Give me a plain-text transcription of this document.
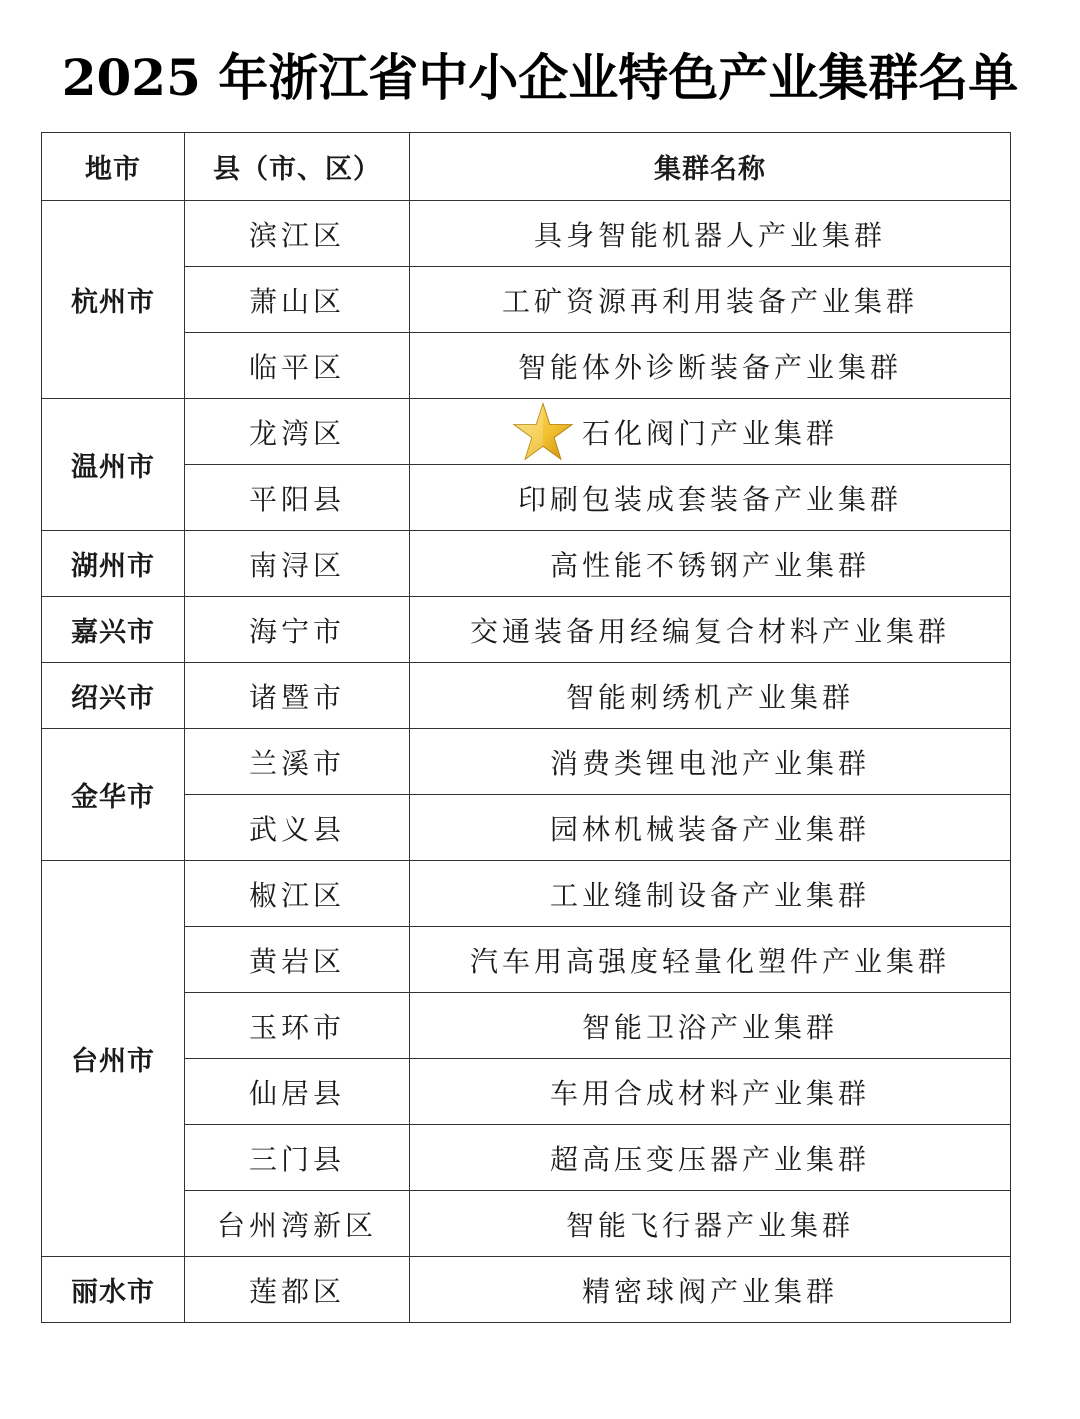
2025 年浙江省中小企业特色产业集群名单
地市	县（市、区）	集群名称
杭州市	滨江区	具身智能机器人产业集群
	萧山区	工矿资源再利用装备产业集群
	临平区	智能体外诊断装备产业集群
温州市	龙湾区	石化阀门产业集群
	平阳县	印刷包装成套装备产业集群
湖州市	南浔区	高性能不锈钢产业集群
嘉兴市	海宁市	交通装备用经编复合材料产业集群
绍兴市	诸暨市	智能刺绣机产业集群
金华市	兰溪市	消费类锂电池产业集群
	武义县	园林机械装备产业集群
台州市	椒江区	工业缝制设备产业集群
	黄岩区	汽车用高强度轻量化塑件产业集群
	玉环市	智能卫浴产业集群
	仙居县	车用合成材料产业集群
	三门县	超高压变压器产业集群
	台州湾新区	智能飞行器产业集群
丽水市	莲都区	精密球阀产业集群
